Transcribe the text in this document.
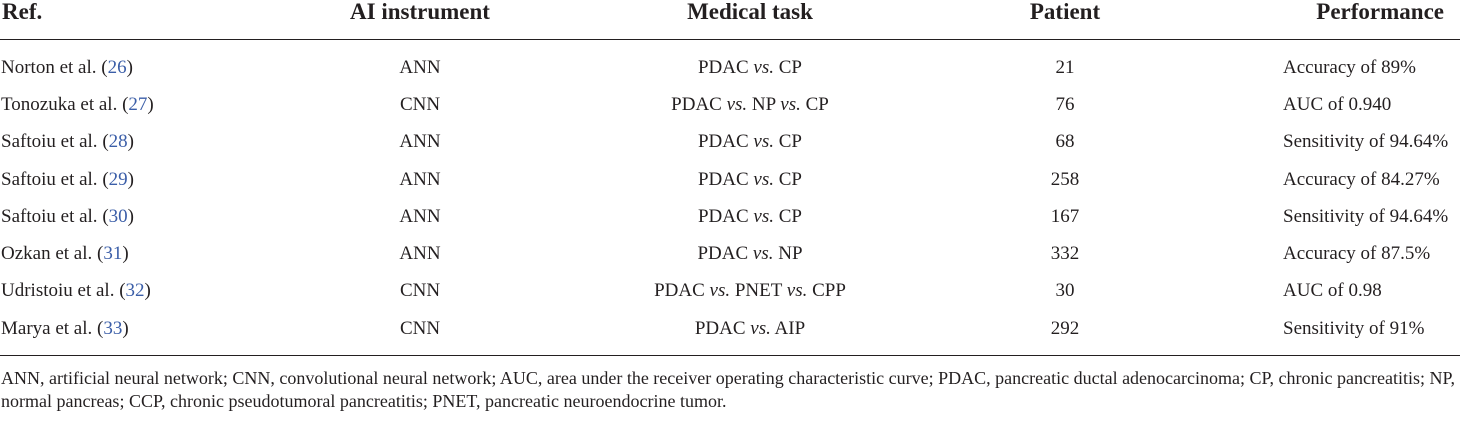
Ref.	AI instrument	Medical task	Patient	Performance
Norton et al. (26)	ANN	PDAC vs. CP	21	Accuracy of 89%
Tonozuka et al. (27)	CNN	PDAC vs. NP vs. CP	76	AUC of 0.940
Saftoiu et al. (28)	ANN	PDAC vs. CP	68	Sensitivity of 94.64%
Saftoiu et al. (29)	ANN	PDAC vs. CP	258	Accuracy of 84.27%
Saftoiu et al. (30)	ANN	PDAC vs. CP	167	Sensitivity of 94.64%
Ozkan et al. (31)	ANN	PDAC vs. NP	332	Accuracy of 87.5%
Udristoiu et al. (32)	CNN	PDAC vs. PNET vs. CPP	30	AUC of 0.98
Marya et al. (33)	CNN	PDAC vs. AIP	292	Sensitivity of 91%
ANN, artificial neural network; CNN, convolutional neural network; AUC, area under the receiver operating characteristic curve; PDAC, pancreatic ductal adenocarcinoma; CP, chronic pancreatitis; NP, normal pancreas; CCP, chronic pseudotumoral pancreatitis; PNET, pancreatic neuroendocrine tumor.
